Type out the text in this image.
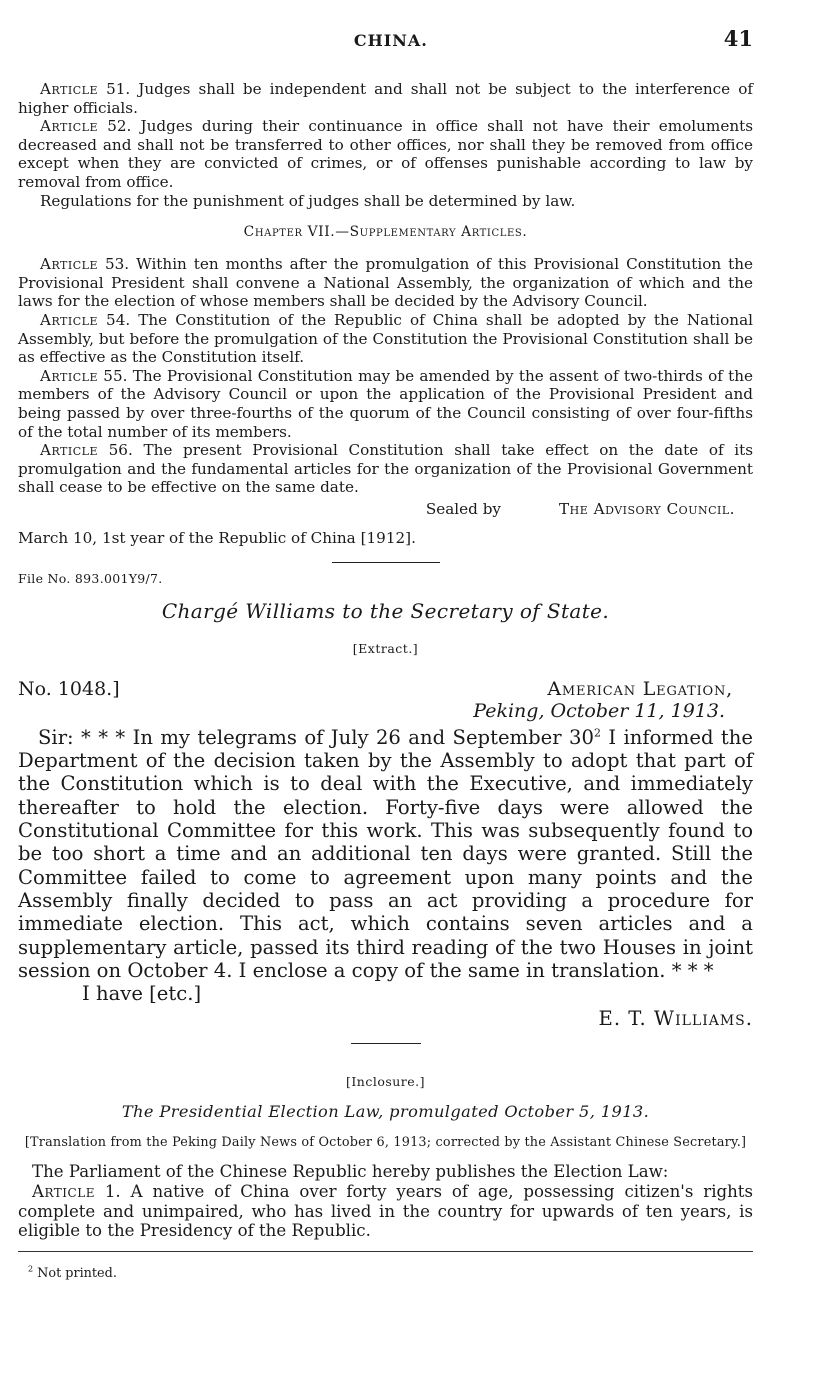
CHINA.	41

Article 51. Judges shall be independent and shall not be subject to the interference of higher officials.

Article 52. Judges during their continuance in office shall not have their emoluments decreased and shall not be transferred to other offices, nor shall they be removed from office except when they are convicted of crimes, or of offenses punishable according to law by removal from office.

Regulations for the punishment of judges shall be determined by law.

Chapter VII.—Supplementary Articles.

Article 53. Within ten months after the promulgation of this Provisional Constitution the Provisional President shall convene a National Assembly, the organization of which and the laws for the election of whose members shall be decided by the Advisory Council.

Article 54. The Constitution of the Republic of China shall be adopted by the National Assembly, but before the promulgation of the Constitution the Provisional Constitution shall be as effective as the Constitution itself.

Article 55. The Provisional Constitution may be amended by the assent of two-thirds of the members of the Advisory Council or upon the application of the Provisional President and being passed by over three-fourths of the quorum of the Council consisting of over four-fifths of the total number of its members.

Article 56. The present Provisional Constitution shall take effect on the date of its promulgation and the fundamental articles for the organization of the Provisional Government shall cease to be effective on the same date.

Sealed by	The Advisory Council.
March 10, 1st year of the Republic of China [1912].
File No. 893.001Y9/7.
Chargé Williams to the Secretary of State.
[Extract.]
No. 1048.]	American Legation,
Peking, October 11, 1913.

Sir: * * * In my telegrams of July 26 and September $30^2$ I informed the Department of the decision taken by the Assembly to adopt that part of the Constitution which is to deal with the Executive, and immediately thereafter to hold the election. Forty-five days were allowed the Constitutional Committee for this work. This was subsequently found to be too short a time and an additional ten days were granted. Still the Committee failed to come to agreement upon many points and the Assembly finally decided to pass an act providing a procedure for immediate election. This act, which contains seven articles and a supplementary article, passed its third reading of the two Houses in joint session on October 4. I enclose a copy of the same in translation. * * *

I have [etc.]
E. T. Williams.
[Inclosure.]
The Presidential Election Law, promulgated October 5, 1913.
[Translation from the Peking Daily News of October 6, 1913; corrected by the Assistant Chinese Secretary.]

The Parliament of the Chinese Republic hereby publishes the Election Law:

Article 1. A native of China over forty years of age, possessing citizen's rights complete and unimpaired, who has lived in the country for upwards of ten years, is eligible to the Presidency of the Republic.

$^2$ Not printed.
